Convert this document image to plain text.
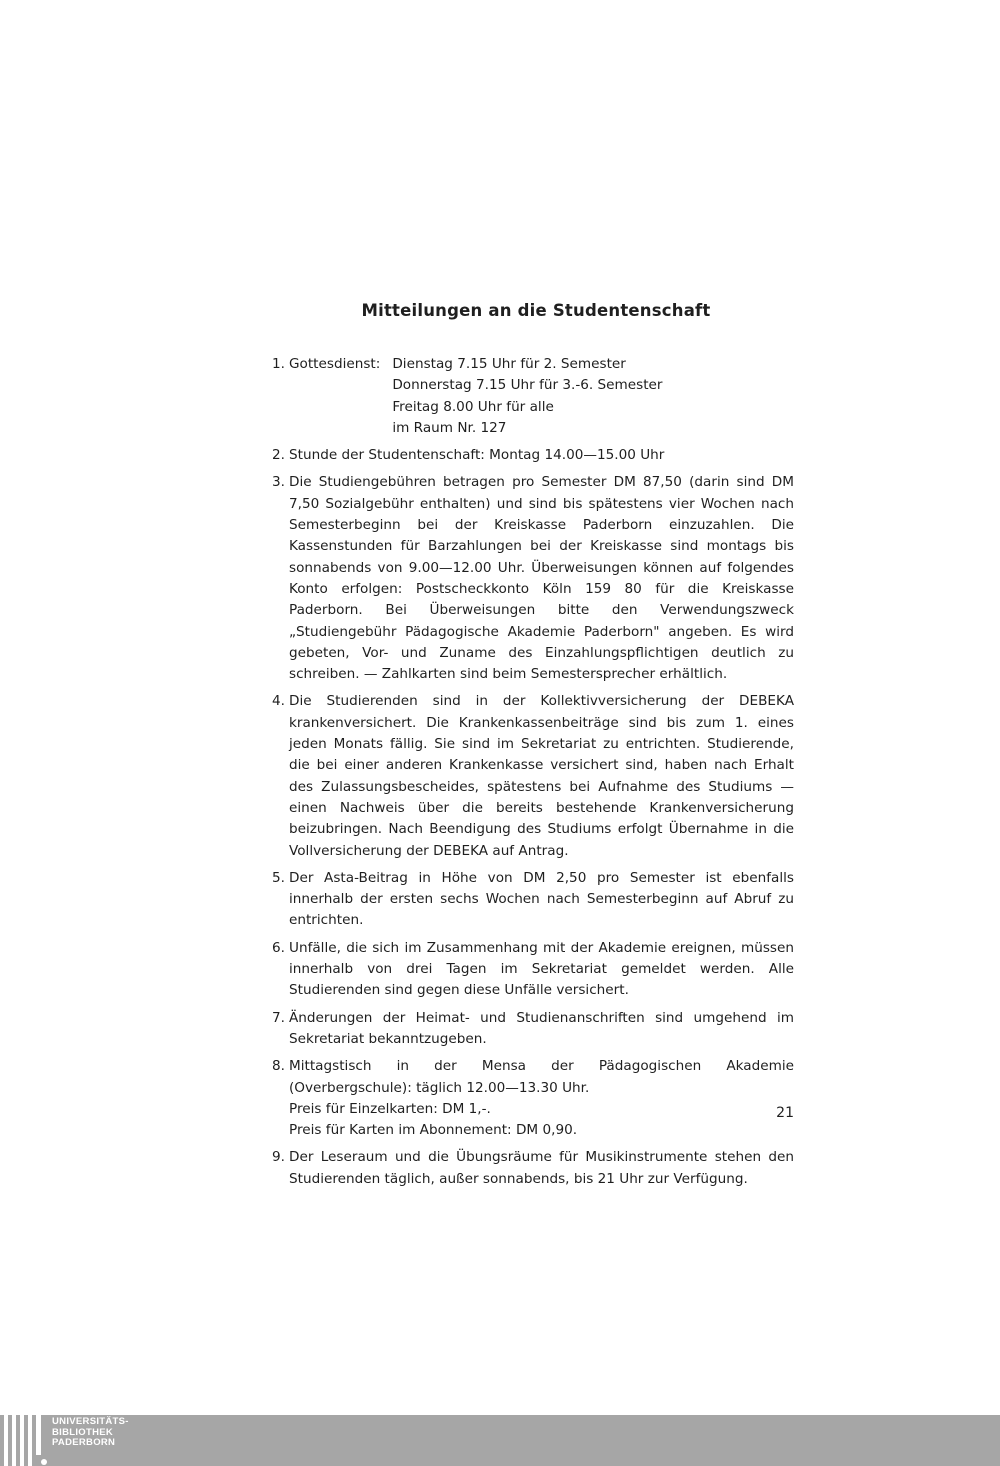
Mitteilungen an die Studentenschaft
1. Gottesdienst: Dienstag 7.15 Uhr für 2. Semester
Donnerstag 7.15 Uhr für 3.-6. Semester
Freitag 8.00 Uhr für alle
im Raum Nr. 127
2. Stunde der Studentenschaft: Montag 14.00—15.00 Uhr
3. Die Studiengebühren betragen pro Semester DM 87,50 (darin sind DM 7,50 Sozialgebühr enthalten) und sind bis spätestens vier Wochen nach Semesterbeginn bei der Kreiskasse Paderborn einzuzahlen. Die Kassenstunden für Barzahlungen bei der Kreiskasse sind montags bis sonnabends von 9.00—12.00 Uhr. Überweisungen können auf folgendes Konto erfolgen: Postscheckkonto Köln 159 80 für die Kreiskasse Paderborn. Bei Überweisungen bitte den Verwendungszweck „Studiengebühr Pädagogische Akademie Paderborn" angeben. Es wird gebeten, Vor- und Zuname des Einzahlungspflichtigen deutlich zu schreiben. — Zahlkarten sind beim Semestersprecher erhältlich.
4. Die Studierenden sind in der Kollektivversicherung der DEBEKA krankenversichert. Die Krankenkassenbeiträge sind bis zum 1. eines jeden Monats fällig. Sie sind im Sekretariat zu entrichten. Studierende, die bei einer anderen Krankenkasse versichert sind, haben nach Erhalt des Zulassungsbescheides, spätestens bei Aufnahme des Studiums — einen Nachweis über die bereits bestehende Krankenversicherung beizubringen. Nach Beendigung des Studiums erfolgt Übernahme in die Vollversicherung der DEBEKA auf Antrag.
5. Der Asta-Beitrag in Höhe von DM 2,50 pro Semester ist ebenfalls innerhalb der ersten sechs Wochen nach Semesterbeginn auf Abruf zu entrichten.
6. Unfälle, die sich im Zusammenhang mit der Akademie ereignen, müssen innerhalb von drei Tagen im Sekretariat gemeldet werden. Alle Studierenden sind gegen diese Unfälle versichert.
7. Änderungen der Heimat- und Studienanschriften sind umgehend im Sekretariat bekanntzugeben.
8. Mittagstisch in der Mensa der Pädagogischen Akademie (Overbergschule): täglich 12.00—13.30 Uhr.
Preis für Einzelkarten: DM 1,-.
Preis für Karten im Abonnement: DM 0,90.
9. Der Leseraum und die Übungsräume für Musikinstrumente stehen den Studierenden täglich, außer sonnabends, bis 21 Uhr zur Verfügung.
21
UNIVERSITÄTS-
BIBLIOTHEK
PADERBORN
